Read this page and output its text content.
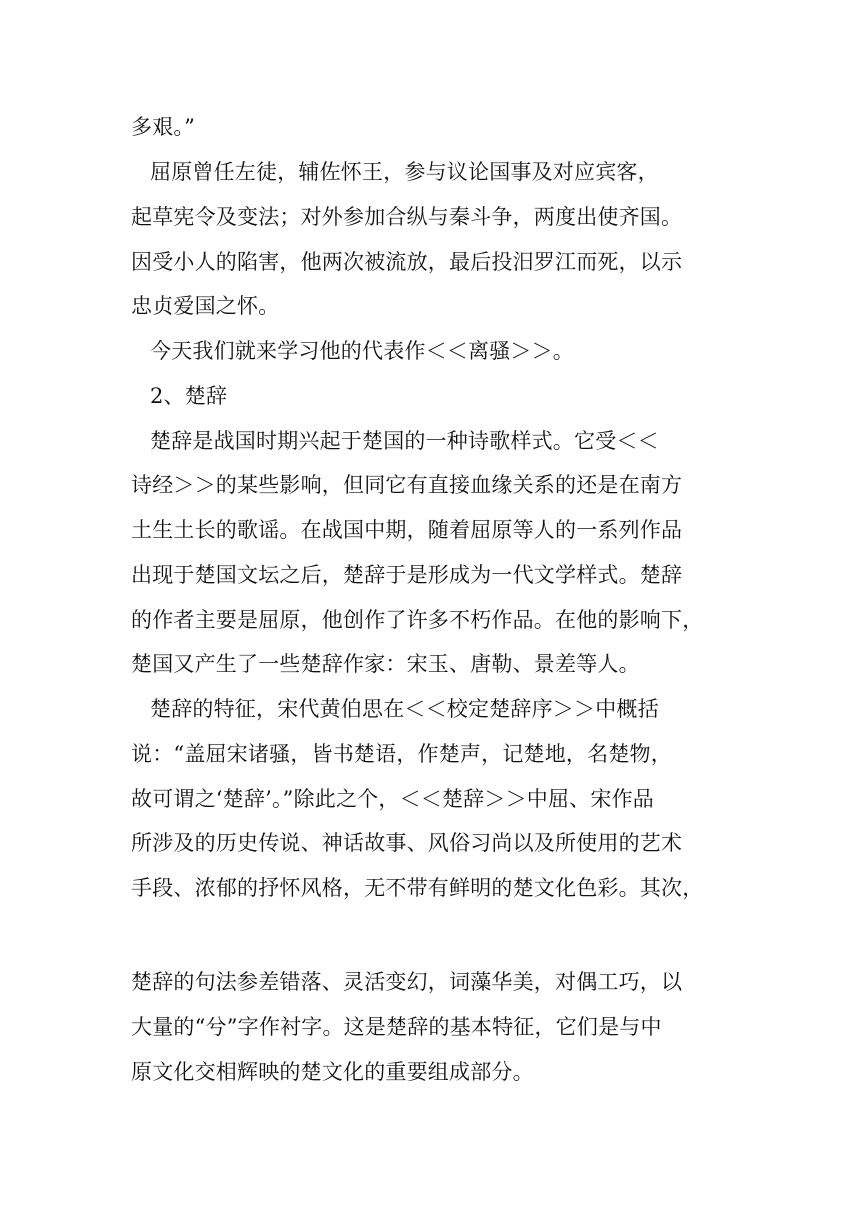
多艰。”
屈原曾任左徒，辅佐怀王，参与议论国事及对应宾客，
起草宪令及变法；对外参加合纵与秦斗争，两度出使齐国。
因受小人的陷害，他两次被流放，最后投汨罗江而死，以示
忠贞爱国之怀。
今天我们就来学习他的代表作＜＜离骚＞＞。
2、楚辞
楚辞是战国时期兴起于楚国的一种诗歌样式。它受＜＜
诗经＞＞的某些影响，但同它有直接血缘关系的还是在南方
土生土长的歌谣。在战国中期，随着屈原等人的一系列作品
出现于楚国文坛之后，楚辞于是形成为一代文学样式。楚辞
的作者主要是屈原，他创作了许多不朽作品。在他的影响下，
楚国又产生了一些楚辞作家：宋玉、唐勒、景差等人。
楚辞的特征，宋代黄伯思在＜＜校定楚辞序＞＞中概括
说：“盖屈宋诸骚，皆书楚语，作楚声，记楚地，名楚物，
故可谓之‘楚辞’。”除此之个，＜＜楚辞＞＞中屈、宋作品
所涉及的历史传说、神话故事、风俗习尚以及所使用的艺术
手段、浓郁的抒怀风格，无不带有鲜明的楚文化色彩。其次，
楚辞的句法参差错落、灵活变幻，词藻华美，对偶工巧，以
大量的“兮”字作衬字。这是楚辞的基本特征，它们是与中
原文化交相辉映的楚文化的重要组成部分。
